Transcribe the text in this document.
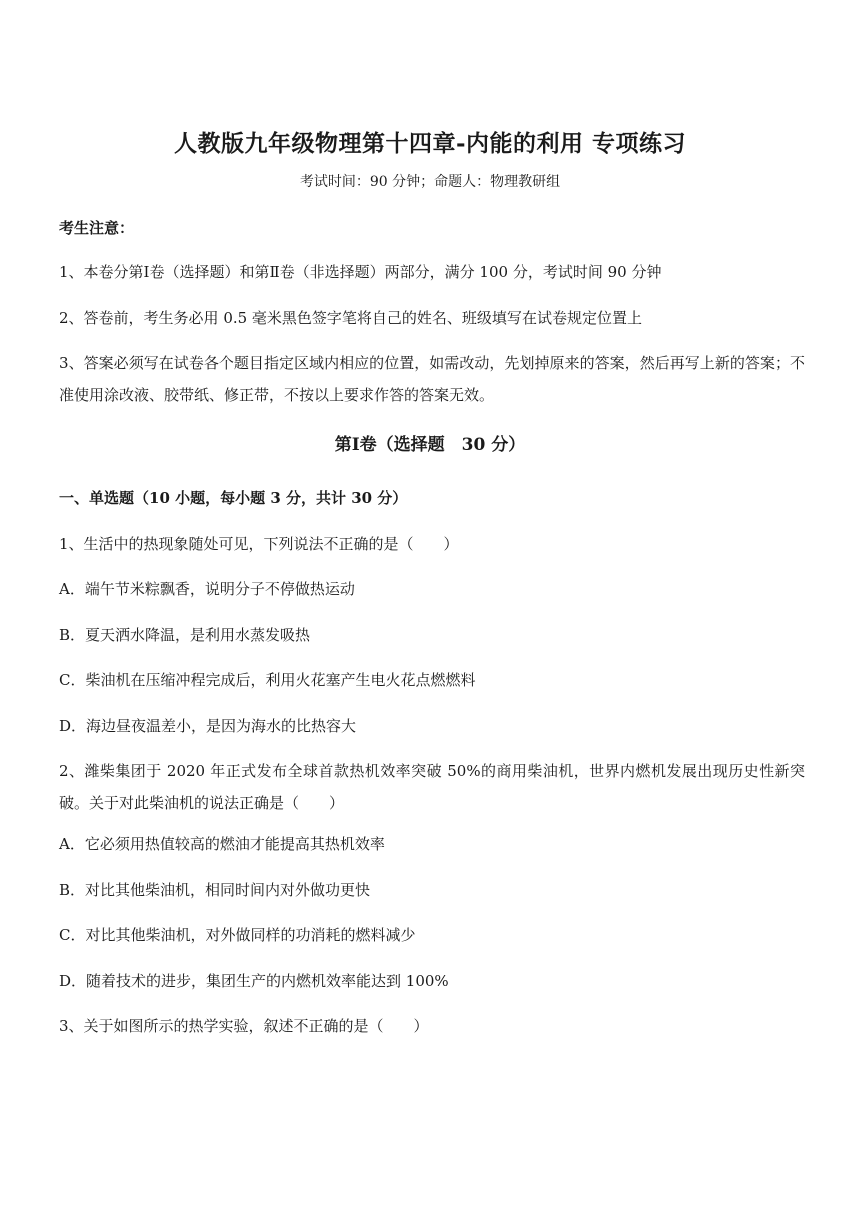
人教版九年级物理第十四章-内能的利用 专项练习
考试时间：90 分钟；命题人：物理教研组
考生注意：
1、本卷分第Ⅰ卷（选择题）和第Ⅱ卷（非选择题）两部分，满分 100 分，考试时间 90 分钟
2、答卷前，考生务必用 0.5 毫米黑色签字笔将自己的姓名、班级填写在试卷规定位置上
3、答案必须写在试卷各个题目指定区域内相应的位置，如需改动，先划掉原来的答案，然后再写上新的答案；不准使用涂改液、胶带纸、修正带，不按以上要求作答的答案无效。
第Ⅰ卷（选择题　30 分）
一、单选题（10 小题，每小题 3 分，共计 30 分）
1、生活中的热现象随处可见，下列说法不正确的是（　　）
A．端午节米粽飘香，说明分子不停做热运动
B．夏天洒水降温，是利用水蒸发吸热
C．柴油机在压缩冲程完成后，利用火花塞产生电火花点燃燃料
D．海边昼夜温差小，是因为海水的比热容大
2、潍柴集团于 2020 年正式发布全球首款热机效率突破 50%的商用柴油机，世界内燃机发展出现历史性新突破。关于对此柴油机的说法正确是（　　）
A．它必须用热值较高的燃油才能提高其热机效率
B．对比其他柴油机，相同时间内对外做功更快
C．对比其他柴油机，对外做同样的功消耗的燃料减少
D．随着技术的进步，集团生产的内燃机效率能达到 100%
3、关于如图所示的热学实验，叙述不正确的是（　　）
